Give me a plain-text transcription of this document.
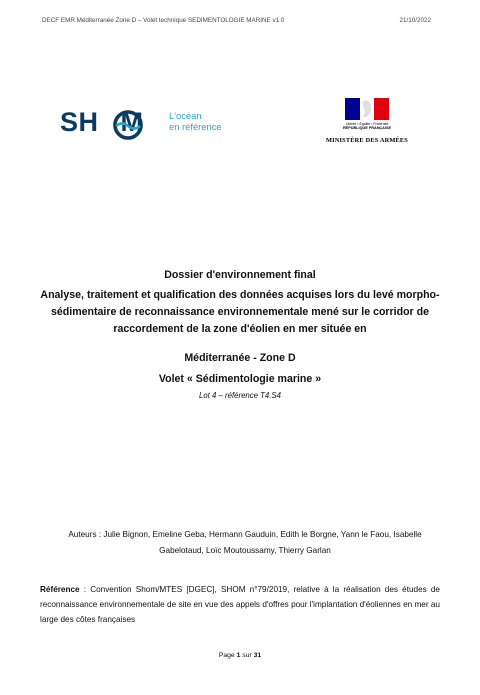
DECF EMR Méditerranée Zone D – Volet technique SEDIMENTOLOGIE MARINE v1.0	21/10/2022
SH M	L'océan
en référence	Liberté • Égalité • Fraternité
RÉPUBLIQUE FRANÇAISE
MINISTÈRE DES ARMÉES
Dossier d'environnement final
Analyse, traitement et qualification des données acquises lors du levé morpho-sédimentaire de reconnaissance environnementale mené sur le corridor de raccordement de la zone d'éolien en mer située en
Méditerranée - Zone D
Volet « Sédimentologie marine »
Lot 4 – référence T4.S4
Auteurs : Julie Bignon, Emeline Geba, Hermann Gauduin, Edith le Borgne, Yann le Faou, Isabelle Gabelotaud, Loïc Moutoussamy, Thierry Garlan
Référence : Convention Shom/MTES [DGEC], SHOM n°79/2019, relative à la réalisation des études de reconnaissance environnementale de site en vue des appels d'offres pour l'implantation d'éoliennes en mer au large des côtes françaises
Page 1 sur 31
